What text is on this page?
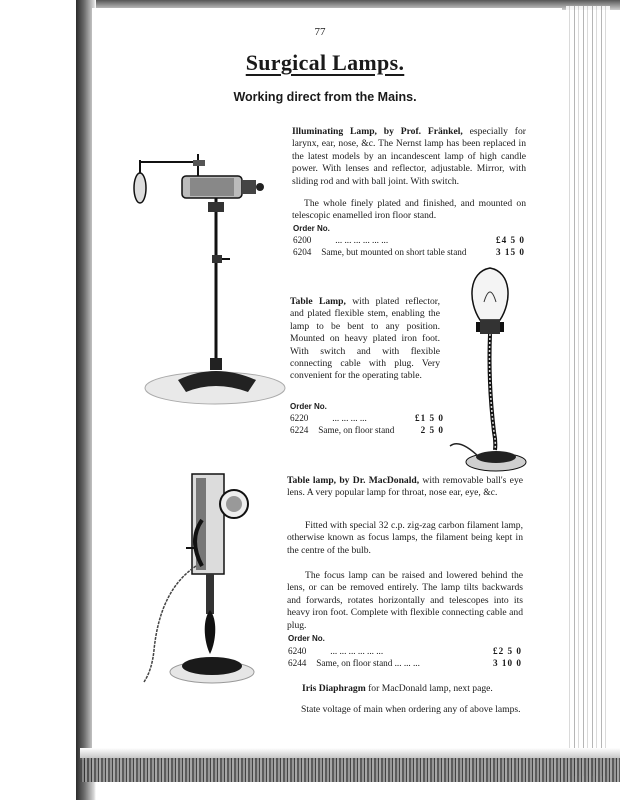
77
Surgical Lamps.
Working direct from the Mains.
Illuminating Lamp, by Prof. Fränkel, especially for larynx, ear, nose, &c. The Nernst lamp has been replaced in the latest models by an incandescent lamp of high candle power. With lenses and reflector, adjustable. Mirror, with sliding rod and with ball joint. With switch.
The whole finely plated and finished, and mounted on telescopic enamelled iron floor stand.
Order No.
6200	... ... ... ... ... ...	£4 5 0
6204 Same, but mounted on short table stand	3 15 0
Table Lamp, with plated reflector, and plated flexible stem, enabling the lamp to be bent to any position. Mounted on heavy plated iron foot. With switch and with flexible connecting cable with plug. Very convenient for the operating table.
Order No.
6220	... ... ... ...	£1 5 0
6224 Same, on floor stand	2 5 0
Table lamp, by Dr. MacDonald, with removable ball's eye lens. A very popular lamp for throat, nose ear, eye, &c.
Fitted with special 32 c.p. zig-zag carbon filament lamp, otherwise known as focus lamps, the filament being kept in the centre of the bulb.
The focus lamp can be raised and lowered behind the lens, or can be removed entirely. The lamp tilts backwards and forwards, rotates horizontally and telescopes into its heavy iron foot. Complete with flexible connecting cable and plug.
Order No.
6240	... ... ... ... ... ...	£2 5 0
6244 Same, on floor stand ... ... ...	3 10 0
Iris Diaphragm for MacDonald lamp, next page.
State voltage of main when ordering any of above lamps.
